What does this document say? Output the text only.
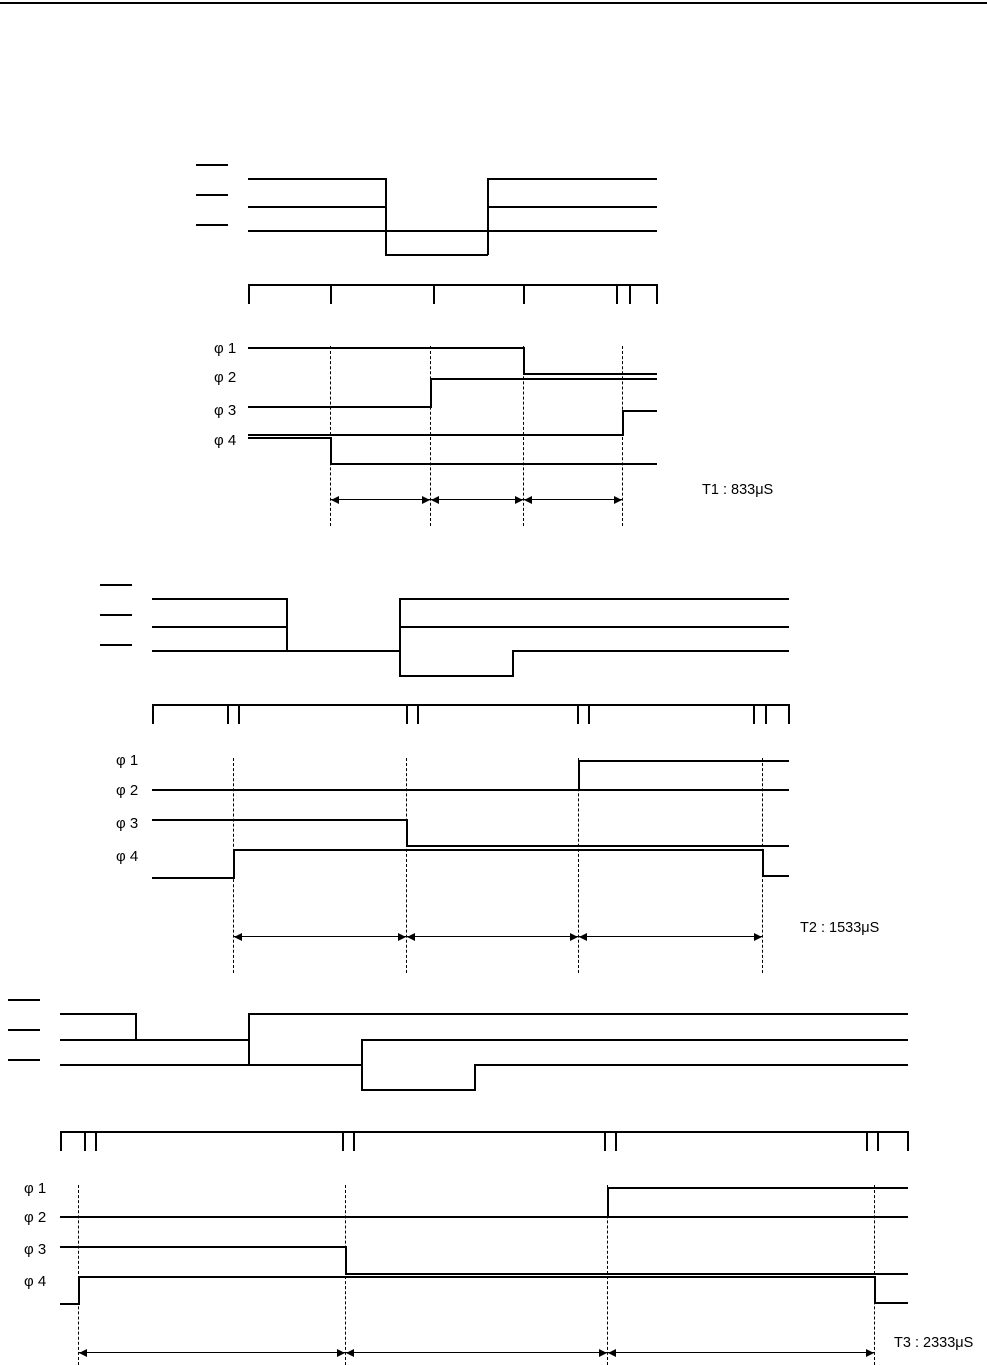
φ 1
φ 2
φ 3
φ 4
T1 : 833μS
φ 1
φ 2
φ 3
φ 4
T2 : 1533μS
φ 1
φ 2
φ 3
φ 4
T3 : 2333μS
